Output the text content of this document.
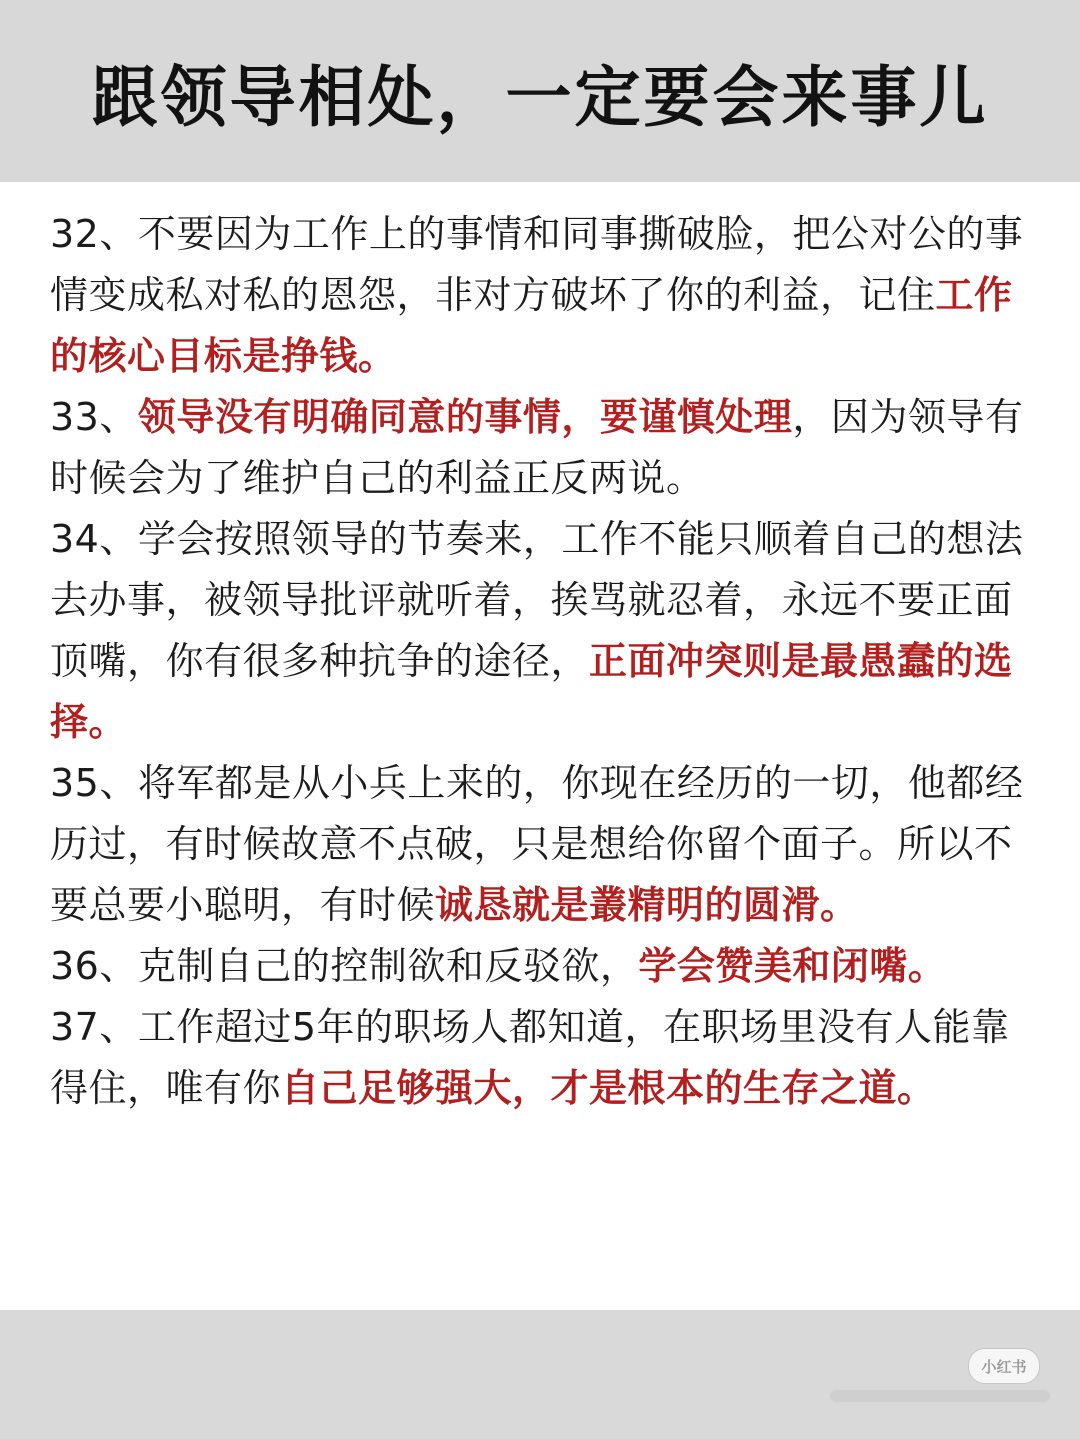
跟领导相处，一定要会来事儿

32、不要因为工作上的事情和同事撕破脸，把公对公的事情变成私对私的恩怨，非对方破坏了你的利益，记住工作的核心目标是挣钱。

33、领导没有明确同意的事情，要谨慎处理，因为领导有时候会为了维护自己的利益正反两说。

34、学会按照领导的节奏来，工作不能只顺着自己的想法去办事，被领导批评就听着，挨骂就忍着，永远不要正面顶嘴，你有很多种抗争的途径，正面冲突则是最愚蠢的选择。

35、将军都是从小兵上来的，你现在经历的一切，他都经历过，有时候故意不点破，只是想给你留个面子。所以不要总要小聪明，有时候诚恳就是叢精明的圆滑。

36、克制自己的控制欲和反驳欲，学会赞美和闭嘴。

37、工作超过5年的职场人都知道，在职场里没有人能靠得住，唯有你自己足够强大，才是根本的生存之道。

小红书
